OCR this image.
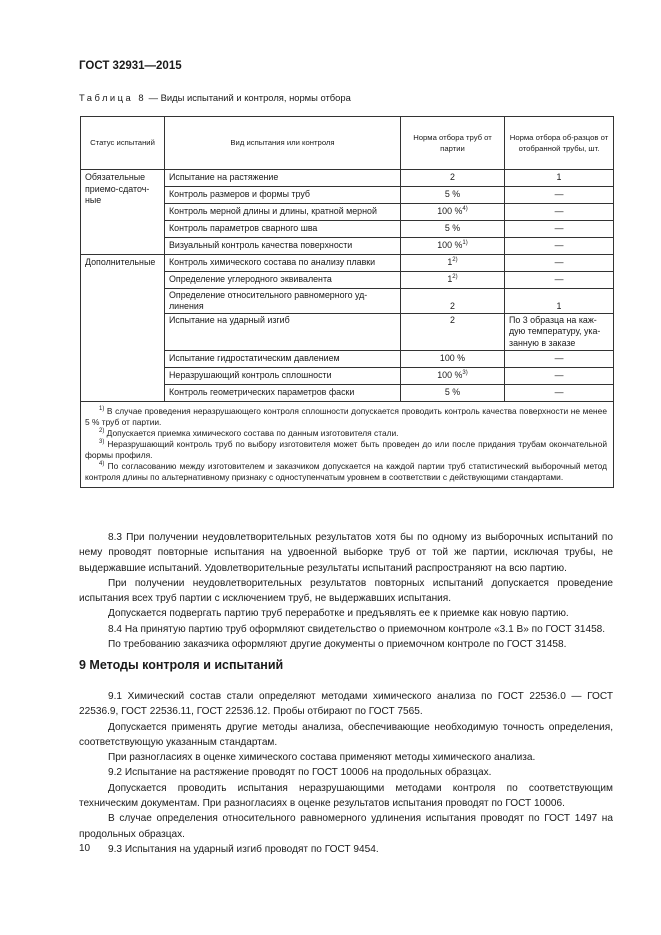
ГОСТ 32931—2015
Таблица 8 — Виды испытаний и контроля, нормы отбора
Статус испытаний	Вид испытания или контроля	Норма отбора труб от партии	Норма отбора об-разцов от отобранной трубы, шт.
Обязательные приемо-сдаточ-ные	Испытание на растяжение	2	1
	Контроль размеров и формы труб	5 %	—
	Контроль мерной длины и длины, кратной мерной	100 %$^{4)}$	—
	Контроль параметров сварного шва	5 %	—
	Визуальный контроль качества поверхности	100 %$^{1)}$	—
Дополнительные	Контроль химического состава по анализу плавки	1$^{2)}$	—
	Определение углеродного эквивалента	1$^{2)}$	—
	Определение относительного равномерного уд-линения	2	1
	Испытание на ударный изгиб	2	По 3 образца на каж-дую температуру, ука-занную в заказе
	Испытание гидростатическим давлением	100 %	—
	Неразрушающий контроль сплошности	100 %$^{3)}$	—
	Контроль геометрических параметров фаски	5 %	—

$^{1)}$ В случае проведения неразрушающего контроля сплошности допускается проводить контроль качества поверхности не менее 5 % труб от партии.

$^{2)}$ Допускается приемка химического состава по данным изготовителя стали.

$^{3)}$ Неразрушающий контроль труб по выбору изготовителя может быть проведен до или после придания трубам окончательной формы профиля.

$^{4)}$ По согласованию между изготовителем и заказчиком допускается на каждой партии труб статистический выборочный метод контроля длины по альтернативному признаку с одноступенчатым уровнем в соответствии с действующими стандартами.			

8.3 При получении неудовлетворительных результатов хотя бы по одному из выборочных испытаний по нему проводят повторные испытания на удвоенной выборке труб от той же партии, исключая трубы, не выдержавшие испытаний. Удовлетворительные результаты испытаний распространяют на всю партию.

При получении неудовлетворительных результатов повторных испытаний допускается проведение испытания всех труб партии с исключением труб, не выдержавших испытания.

Допускается подвергать партию труб переработке и предъявлять ее к приемке как новую партию.

8.4 На принятую партию труб оформляют свидетельство о приемочном контроле «3.1 В» по ГОСТ 31458.

По требованию заказчика оформляют другие документы о приемочном контроле по ГОСТ 31458.

9 Методы контроля и испытаний

9.1 Химический состав стали определяют методами химического анализа по ГОСТ 22536.0 — ГОСТ 22536.9, ГОСТ 22536.11, ГОСТ 22536.12. Пробы отбирают по ГОСТ 7565.

Допускается применять другие методы анализа, обеспечивающие необходимую точность определения, соответствующую указанным стандартам.

При разногласиях в оценке химического состава применяют методы химического анализа.

9.2 Испытание на растяжение проводят по ГОСТ 10006 на продольных образцах.

Допускается проводить испытания неразрушающими методами контроля по соответствующим техническим документам. При разногласиях в оценке результатов испытания проводят по ГОСТ 10006.

В случае определения относительного равномерного удлинения испытания проводят по ГОСТ 1497 на продольных образцах.

9.3 Испытания на ударный изгиб проводят по ГОСТ 9454.

10
